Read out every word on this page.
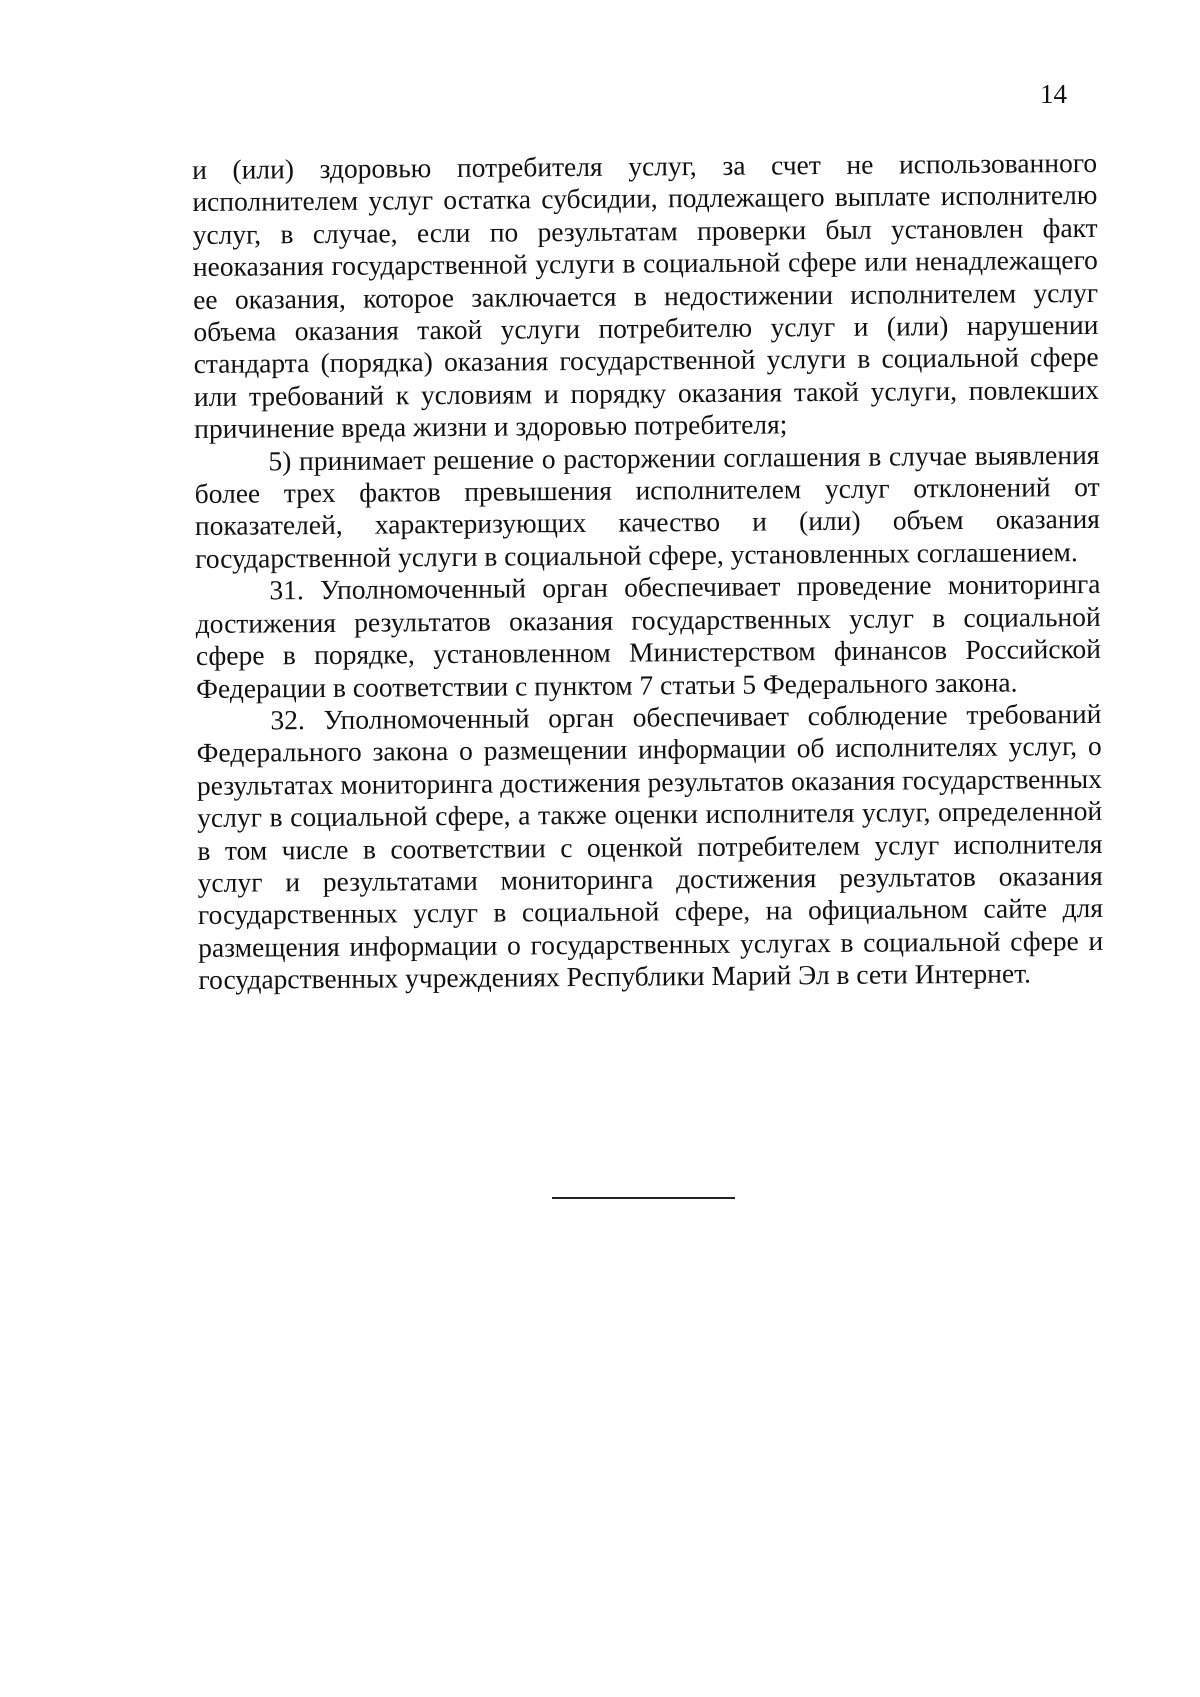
14

и (или) здоровью потребителя услуг, за счет не использованного исполнителем услуг остатка субсидии, подлежащего выплате исполнителю услуг, в случае, если по результатам проверки был установлен факт неоказания государственной услуги в социальной сфере или ненадлежащего ее оказания, которое заключается в недостижении исполнителем услуг объема оказания такой услуги потребителю услуг и (или) нарушении стандарта (порядка) оказания государственной услуги в социальной сфере или требований к условиям и порядку оказания такой услуги, повлекших причинение вреда жизни и здоровью потребителя;

5) принимает решение о расторжении соглашения в случае выявления более трех фактов превышения исполнителем услуг отклонений от показателей, характеризующих качество и (или) объем оказания государственной услуги в социальной сфере, установленных соглашением.

31. Уполномоченный орган обеспечивает проведение мониторинга достижения результатов оказания государственных услуг в социальной сфере в порядке, установленном Министерством финансов Российской Федерации в соответствии с пунктом 7 статьи 5 Федерального закона.

32. Уполномоченный орган обеспечивает соблюдение требований Федерального закона о размещении информации об исполнителях услуг, о результатах мониторинга достижения результатов оказания государственных услуг в социальной сфере, а также оценки исполнителя услуг, определенной в том числе в соответствии с оценкой потребителем услуг исполнителя услуг и результатами мониторинга достижения результатов оказания государственных услуг в социальной сфере, на официальном сайте для размещения информации о государственных услугах в социальной сфере и государственных учреждениях Республики Марий Эл в сети Интернет.
